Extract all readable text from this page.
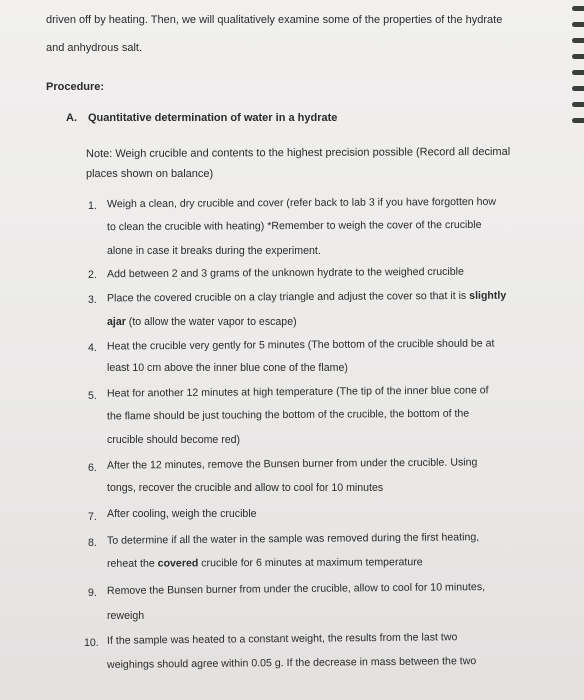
driven off by heating. Then, we will qualitatively examine some of the properties of the hydrate
and anhydrous salt.
Procedure:
A. Quantitative determination of water in a hydrate
Note: Weigh crucible and contents to the highest precision possible (Record all decimal
places shown on balance)
1. Weigh a clean, dry crucible and cover (refer back to lab 3 if you have forgotten how
to clean the crucible with heating) *Remember to weigh the cover of the crucible
alone in case it breaks during the experiment.
2. Add between 2 and 3 grams of the unknown hydrate to the weighed crucible
3. Place the covered crucible on a clay triangle and adjust the cover so that it is slightly
ajar (to allow the water vapor to escape)
4. Heat the crucible very gently for 5 minutes (The bottom of the crucible should be at
least 10 cm above the inner blue cone of the flame)
5. Heat for another 12 minutes at high temperature (The tip of the inner blue cone of
the flame should be just touching the bottom of the crucible, the bottom of the
crucible should become red)
6. After the 12 minutes, remove the Bunsen burner from under the crucible. Using
tongs, recover the crucible and allow to cool for 10 minutes
7. After cooling, weigh the crucible
8. To determine if all the water in the sample was removed during the first heating,
reheat the covered crucible for 6 minutes at maximum temperature
9. Remove the Bunsen burner from under the crucible, allow to cool for 10 minutes,
reweigh
10. If the sample was heated to a constant weight, the results from the last two
weighings should agree within 0.05 g. If the decrease in mass between the two
